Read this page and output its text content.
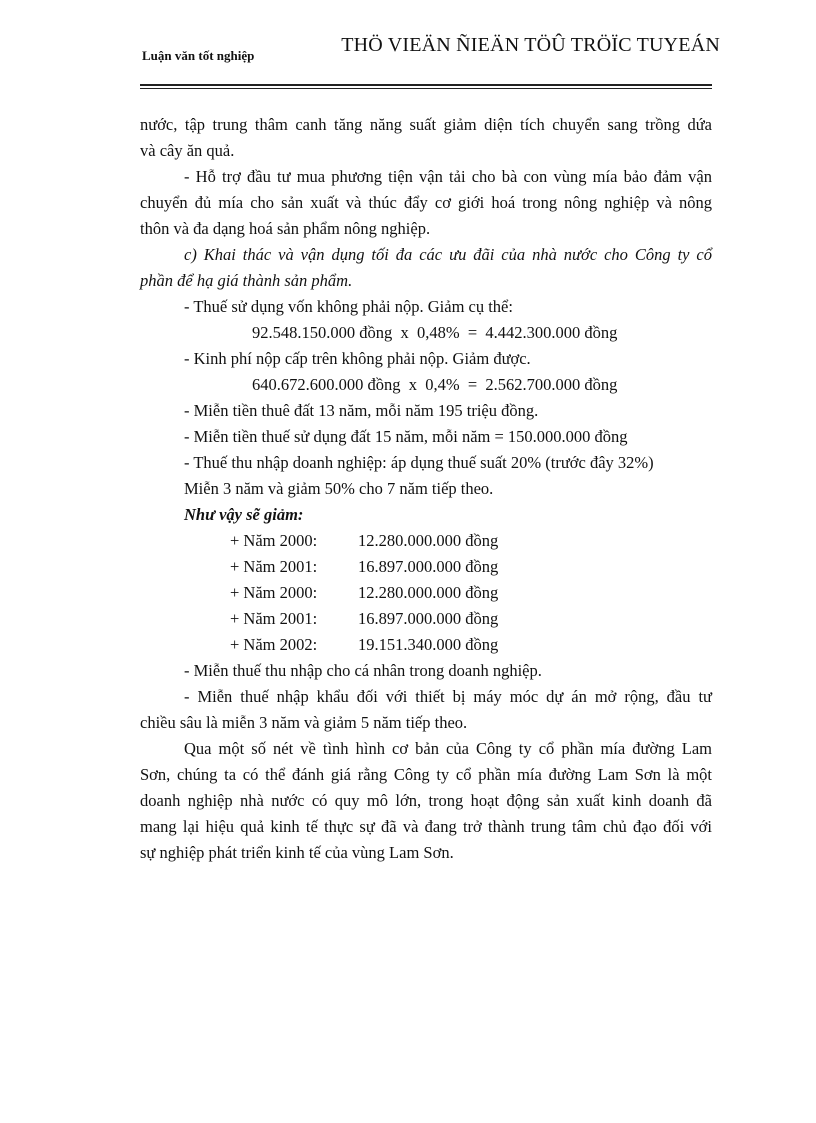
Luận văn tốt nghiệp	THÖ VIEÄN ÑIEÄN TÖÛ TRÖÏC TUYEÁN

nước, tập trung thâm canh tăng năng suất giảm diện tích chuyển sang trồng dứa

và cây ăn quả.

- Hỗ trợ đầu tư mua phương tiện vận tải cho bà con vùng mía bảo đảm vận

chuyển đủ mía cho sản xuất và thúc đẩy cơ giới hoá trong nông nghiệp và nông

thôn và đa dạng hoá sản phẩm nông nghiệp.

c) Khai thác và vận dụng tối đa các ưu đãi của nhà nước cho Công ty cổ

phần để hạ giá thành sản phẩm.

- Thuế sử dụng vốn không phải nộp. Giảm cụ thể:

92.548.150.000 đồng  x  0,48%  =  4.442.300.000 đồng

- Kinh phí nộp cấp trên không phải nộp. Giảm được.

640.672.600.000 đồng  x  0,4%  =  2.562.700.000 đồng

- Miễn tiền thuê đất 13 năm, mỗi năm 195 triệu đồng.

- Miễn tiền thuế sử dụng đất 15 năm, mỗi năm = 150.000.000 đồng

- Thuế thu nhập doanh nghiệp: áp dụng thuế suất 20% (trước đây 32%)

Miễn 3 năm và giảm 50% cho 7 năm tiếp theo.

Như vậy sẽ giảm:

+ Năm 2000: 12.280.000.000 đồng

+ Năm 2001: 16.897.000.000 đồng

+ Năm 2000: 12.280.000.000 đồng

+ Năm 2001: 16.897.000.000 đồng

+ Năm 2002: 19.151.340.000 đồng

- Miễn thuế thu nhập cho cá nhân trong doanh nghiệp.

- Miễn thuế nhập khẩu đối với thiết bị máy móc dự án mở rộng, đầu tư

chiều sâu là miễn 3 năm và giảm 5 năm tiếp theo.

Qua một số nét về tình hình cơ bản của Công ty cổ phần mía đường Lam

Sơn, chúng ta có thể đánh giá rằng Công ty cổ phần mía đường Lam Sơn là một

doanh nghiệp nhà nước có quy mô lớn, trong hoạt động sản xuất kinh doanh đã

mang lại hiệu quả kinh tế thực sự đã và đang trở thành trung tâm chủ đạo đối với

sự nghiệp phát triển kinh tế của vùng Lam Sơn.
